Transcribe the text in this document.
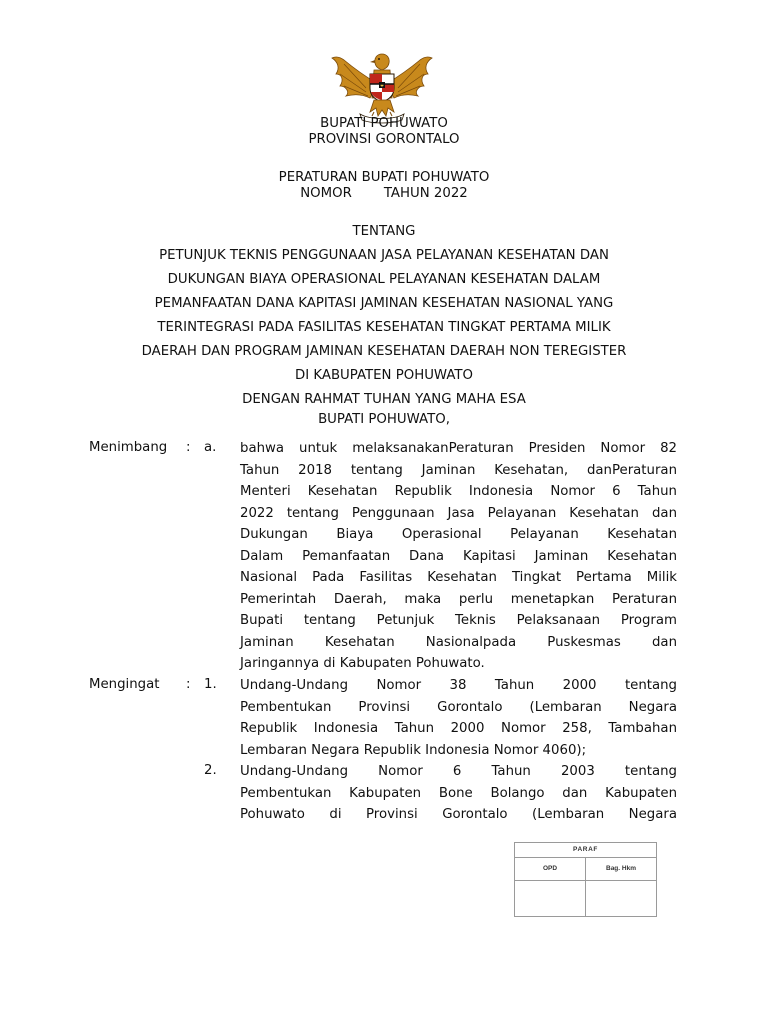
BUPATI POHUWATO
PROVINSI GORONTALO
PERATURAN BUPATI POHUWATO
NOMOR TAHUN 2022
TENTANG
PETUNJUK TEKNIS PENGGUNAAN JASA PELAYANAN KESEHATAN DAN
DUKUNGAN BIAYA OPERASIONAL PELAYANAN KESEHATAN DALAM
PEMANFAATAN DANA KAPITASI JAMINAN KESEHATAN NASIONAL YANG
TERINTEGRASI PADA FASILITAS KESEHATAN TINGKAT PERTAMA MILIK
DAERAH DAN PROGRAM JAMINAN KESEHATAN DAERAH NON TEREGISTER
DI KABUPATEN POHUWATO
DENGAN RAHMAT TUHAN YANG MAHA ESA
BUPATI POHUWATO,
Menimbang : a. bahwa untuk melaksanakanPeraturan Presiden Nomor 82
Tahun 2018 tentang Jaminan Kesehatan, danPeraturan
Menteri Kesehatan Republik Indonesia Nomor 6 Tahun
2022 tentang Penggunaan Jasa Pelayanan Kesehatan dan
Dukungan Biaya Operasional Pelayanan Kesehatan
Dalam Pemanfaatan Dana Kapitasi Jaminan Kesehatan
Nasional Pada Fasilitas Kesehatan Tingkat Pertama Milik
Pemerintah Daerah, maka perlu menetapkan Peraturan
Bupati tentang Petunjuk Teknis Pelaksanaan Program
Jaminan Kesehatan Nasionalpada Puskesmas dan
Jaringannya di Kabupaten Pohuwato.
Mengingat : 1. Undang-Undang Nomor 38 Tahun 2000 tentang
Pembentukan Provinsi Gorontalo (Lembaran Negara
Republik Indonesia Tahun 2000 Nomor 258, Tambahan
Lembaran Negara Republik Indonesia Nomor 4060);
2. Undang-Undang Nomor 6 Tahun 2003 tentang
Pembentukan Kabupaten Bone Bolango dan Kabupaten
Pohuwato di Provinsi Gorontalo (Lembaran Negara
PARAF
OPD	Bag. Hkm
